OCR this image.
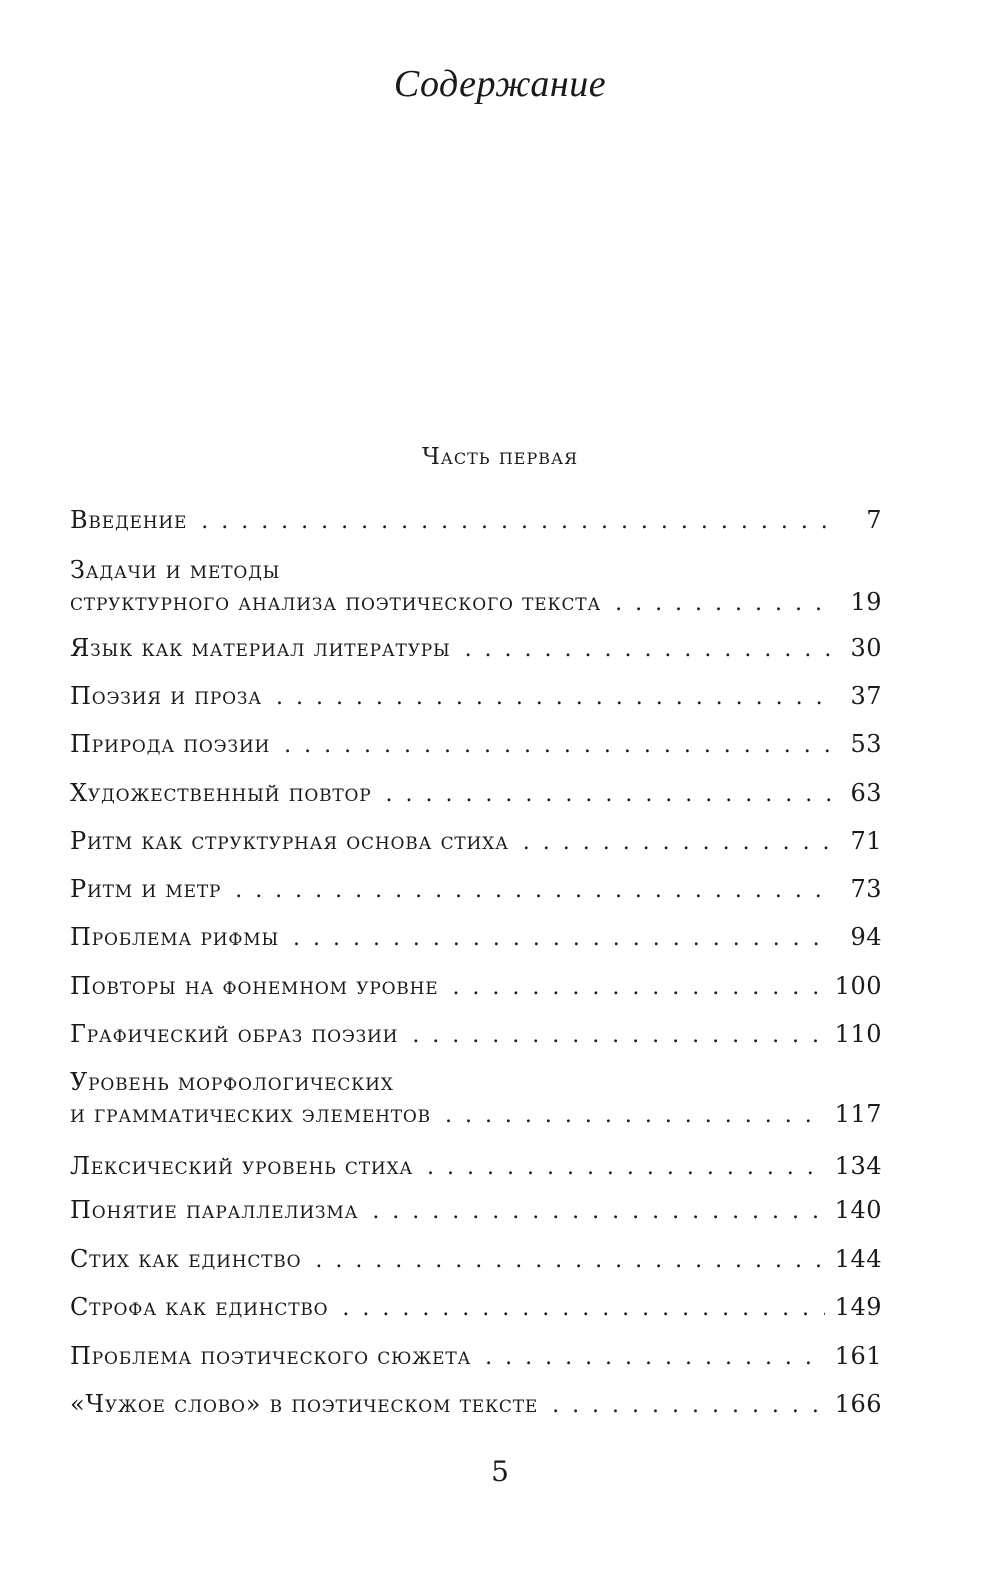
Содержание
Часть первая
Введение . . .	7
Задачи и методы
структурного анализа поэтического текста . . .	19
Язык как материал литературы . . .	30
Поэзия и проза . . .	37
Природа поэзии . . .	53
Художественный повтор . . .	63
Ритм как структурная основа стиха . . .	71
Ритм и метр . . .	73
Проблема рифмы . . .	94
Повторы на фонемном уровне . . .	100
Графический образ поэзии . . .	110
Уровень морфологических
и грамматических элементов . . .	117
Лексический уровень стиха . . .	134
Понятие параллелизма . . .	140
Стих как единство . . .	144
Строфа как единство . . .	149
Проблема поэтического сюжета . . .	161
«Чужое слово» в поэтическом тексте . . .	166
5
